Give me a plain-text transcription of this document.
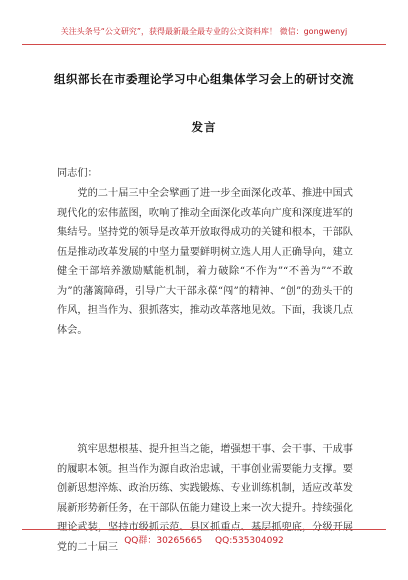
关注头条号“公文研究”，获得最新最全最专业的公文资料库！ 微信：gongwenyj
组织部长在市委理论学习中心组集体学习会上的研讨交流
发言
同志们：
党的二十届三中全会擘画了进一步全面深化改革、推进中国式现代化的宏伟蓝图，吹响了推动全面深化改革向广度和深度进军的集结号。坚持党的领导是改革开放取得成功的关键和根本，干部队伍是推动改革发展的中坚力量要鲜明树立选人用人正确导向，建立健全干部培养激励赋能机制，着力破除“不作为”“不善为”“不敢为”的藩篱障碍，引导广大干部永葆“闯”的精神、“创”的劲头干的作风，担当作为、狠抓落实，推动改革落地见效。下面，我谈几点体会。
筑牢思想根基、提升担当之能，增强想干事、会干事、干成事的履职本领。担当作为源自政治忠诚，干事创业需要能力支撑。要创新思想淬炼、政治历练、实践锻炼、专业训练机制，适应改革发展新形势新任务，在干部队伍能力建设上来一次大提升。持续强化理论武装，坚持市级抓示范、县区抓重点、基层抓兜底，分级开展党的二十届三
QQ群：30265665 QQ:535304092
